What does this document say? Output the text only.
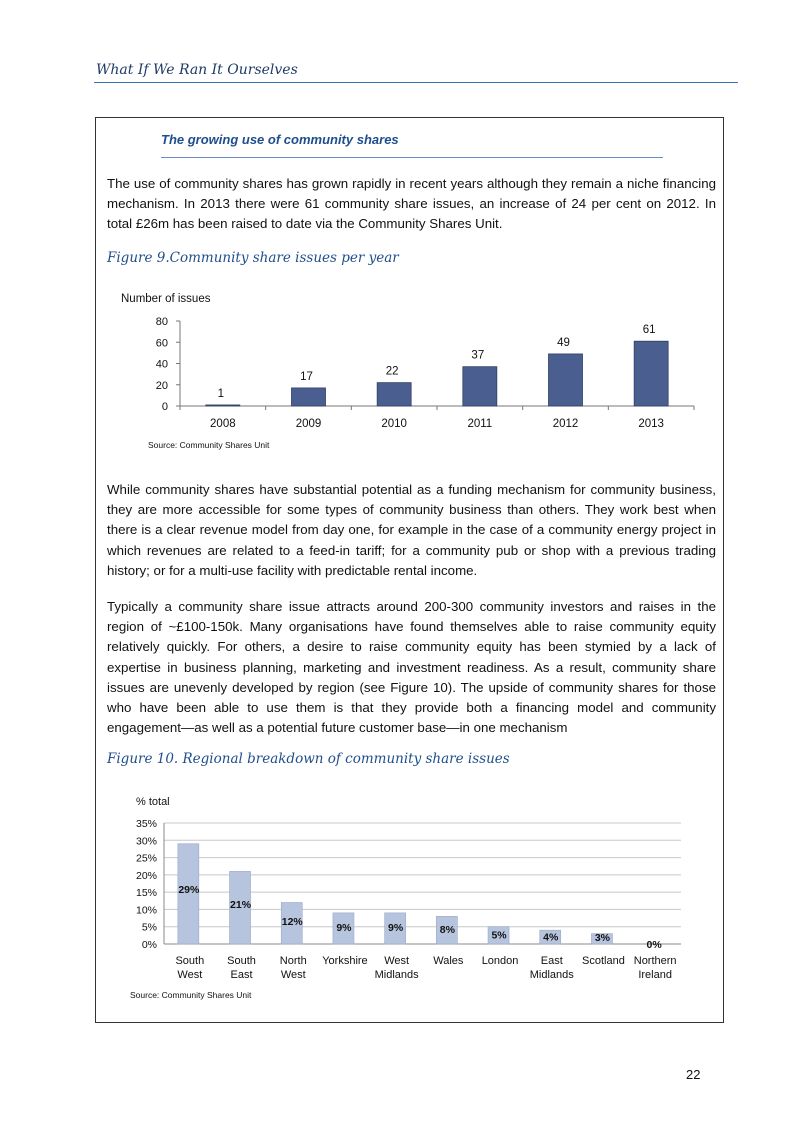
What If We Ran It Ourselves
The growing use of community shares
The use of community shares has grown rapidly in recent years although they remain a niche financing mechanism. In 2013 there were 61 community share issues, an increase of 24 per cent on 2012. In total £26m has been raised to date via the Community Shares Unit.
Figure 9.Community share issues per year
Number of issues
0
20
40
60
80
1
2008
17
2009
22
2010
37
2011
49
2012
61
2013
Source: Community Shares Unit
While community shares have substantial potential as a funding mechanism for community business, they are more accessible for some types of community business than others. They work best when there is a clear revenue model from day one, for example in the case of a community energy project in which revenues are related to a feed-in tariff; for a community pub or shop with a previous trading history; or for a multi-use facility with predictable rental income.
Typically a community share issue attracts around 200-300 community investors and raises in the region of ~£100-150k. Many organisations have found themselves able to raise community equity relatively quickly. For others, a desire to raise community equity has been stymied by a lack of expertise in business planning, marketing and investment readiness. As a result, community share issues are unevenly developed by region (see Figure 10). The upside of community shares for those who have been able to use them is that they provide both a financing model and community engagement—as well as a potential future customer base—in one mechanism
Figure 10. Regional breakdown of community share issues
% total
0%
5%
10%
15%
20%
25%
30%
35%
29%
South
West
21%
South
East
12%
North
West
9%
Yorkshire
9%
West
Midlands
8%
Wales
5%
London
4%
East
Midlands
3%
Scotland
0%
Northern
Ireland
Source: Community Shares Unit
22
